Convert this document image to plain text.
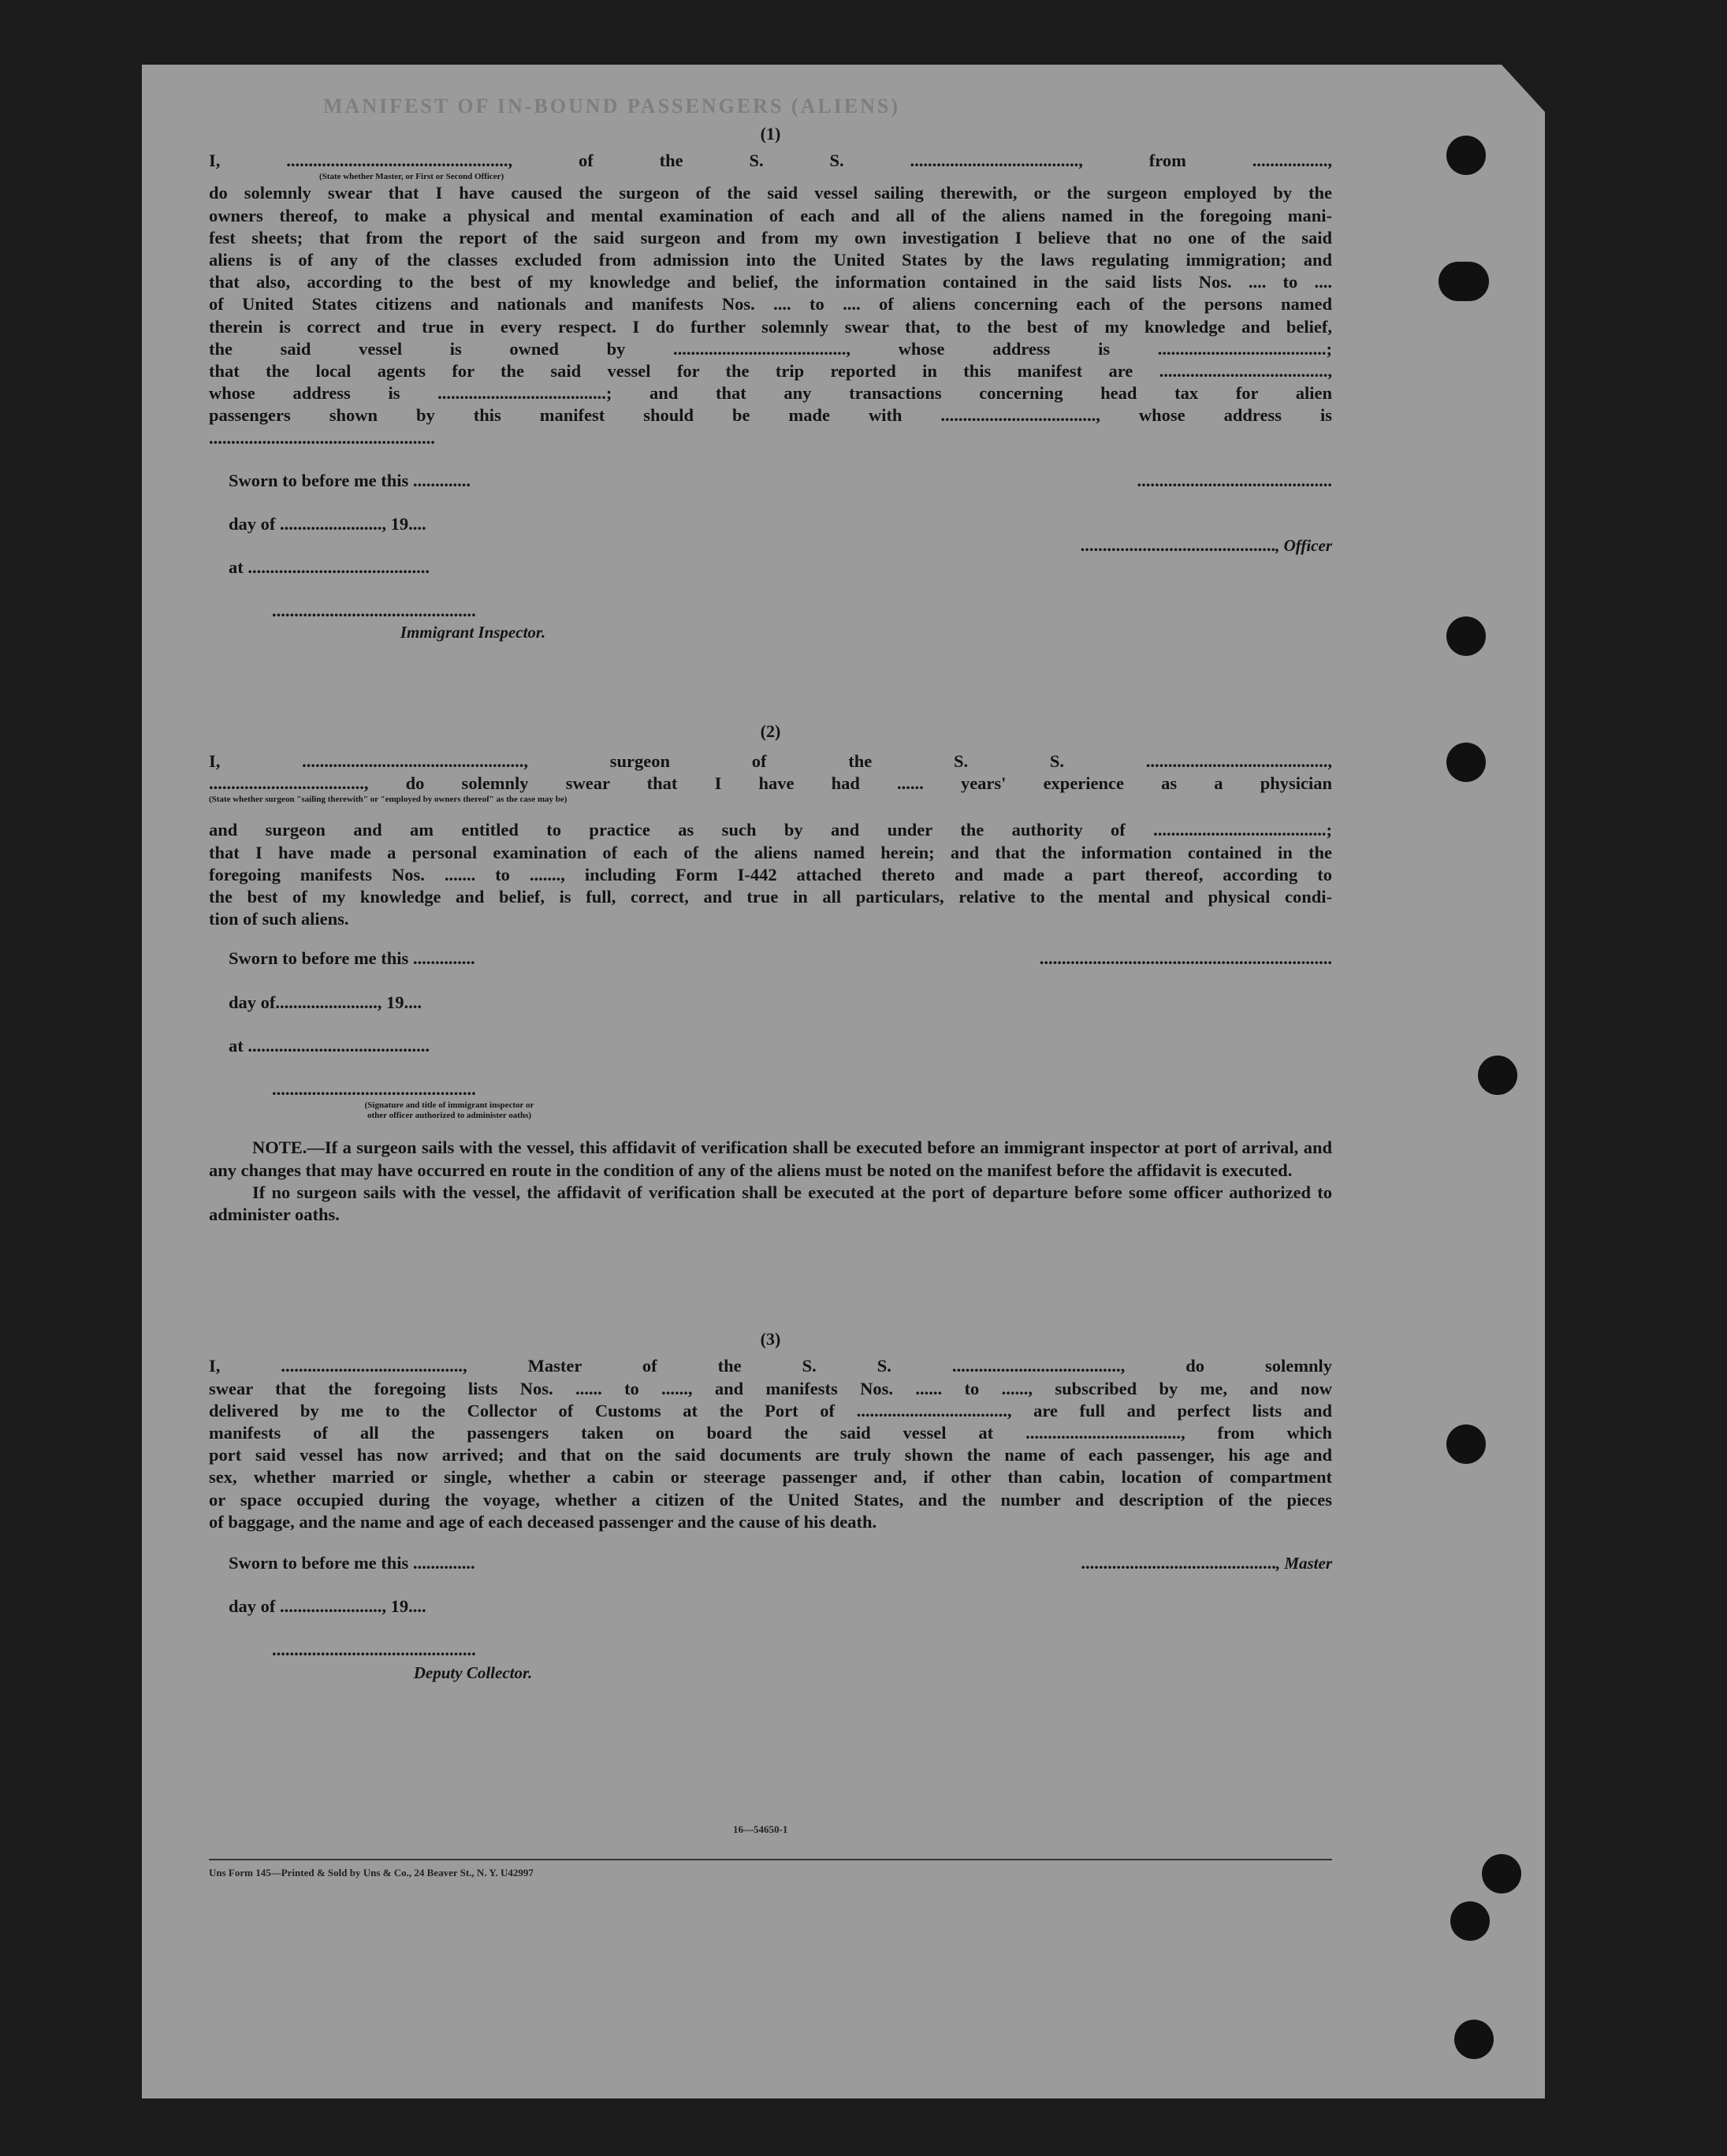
MANIFEST OF IN-BOUND PASSENGERS (ALIENS)
(1)
I, .................................................., of the S. S. ......................................, from .................,
(State whether Master, or First or Second Officer)
do solemnly swear that I have caused the surgeon of the said vessel sailing therewith, or the surgeon employed by the
owners thereof, to make a physical and mental examination of each and all of the aliens named in the foregoing mani-
fest sheets; that from the report of the said surgeon and from my own investigation I believe that no one of the said
aliens is of any of the classes excluded from admission into the United States by the laws regulating immigration; and
that also, according to the best of my knowledge and belief, the information contained in the said lists Nos. .... to ....
of United States citizens and nationals and manifests Nos. .... to .... of aliens concerning each of the persons named
therein is correct and true in every respect. I do further solemnly swear that, to the best of my knowledge and belief,
the said vessel is owned by ......................................., whose address is ......................................;
that the local agents for the said vessel for the trip reported in this manifest are ......................................,
whose address is ......................................; and that any transactions concerning head tax for alien
passengers shown by this manifest should be made with ..................................., whose address is
...................................................
Sworn to before me this .............
day of ......................., 19....
at .........................................
..............................................
Immigrant Inspector.
............................................
............................................, Officer
(2)
I, .................................................., surgeon of the S. S. .........................................,
..................................., do solemnly swear that I have had ...... years' experience as a physician
(State whether surgeon "sailing therewith" or "employed by owners thereof" as the case may be)
and surgeon and am entitled to practice as such by and under the authority of .......................................;
that I have made a personal examination of each of the aliens named herein; and that the information contained in the
foregoing manifests Nos. ....... to ......., including Form I-442 attached thereto and made a part thereof, according to
the best of my knowledge and belief, is full, correct, and true in all particulars, relative to the mental and physical condi-
tion of such aliens.
Sworn to before me this ..............
day of......................., 19....
at .........................................
..............................................
(Signature and title of immigrant inspector or
other officer authorized to administer oaths)
..................................................................
NOTE.—If a surgeon sails with the vessel, this affidavit of verification shall be executed before an immigrant inspector at port of arrival, and any changes that may have occurred en route in the condition of any of the aliens must be noted on the manifest before the affidavit is executed.
If no surgeon sails with the vessel, the affidavit of verification shall be executed at the port of departure before some officer authorized to administer oaths.
(3)
I, ........................................., Master of the S. S. ......................................, do solemnly
swear that the foregoing lists Nos. ...... to ......, and manifests Nos. ...... to ......, subscribed by me, and now
delivered by me to the Collector of Customs at the Port of .................................., are full and perfect lists and
manifests of all the passengers taken on board the said vessel at ..................................., from which
port said vessel has now arrived; and that on the said documents are truly shown the name of each passenger, his age and
sex, whether married or single, whether a cabin or steerage passenger and, if other than cabin, location of compartment
or space occupied during the voyage, whether a citizen of the United States, and the number and description of the pieces
of baggage, and the name and age of each deceased passenger and the cause of his death.
Sworn to before me this ..............
day of ......................., 19....
..............................................
Deputy Collector.
............................................, Master
16—54650-1
Uns Form 145—Printed & Sold by Uns & Co., 24 Beaver St., N. Y. U42997
